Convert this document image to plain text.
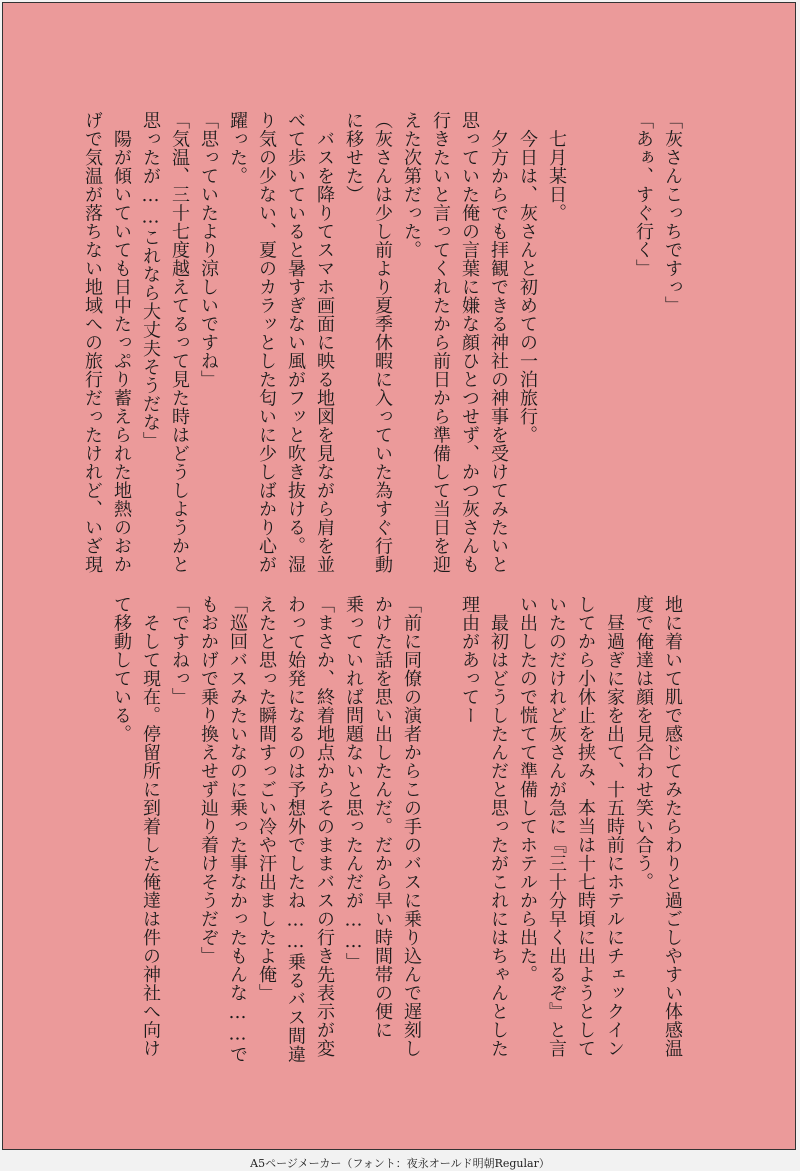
「灰さんこっちですっ」
「あぁ、すぐ行く」

　七月某日。
　今日は、灰さんと初めての一泊旅行。
　夕方からでも拝観できる神社の神事を受けてみたいと
思っていた俺の言葉に嫌な顔ひとつせず、かつ灰さんも
行きたいと言ってくれたから前日から準備して当日を迎
えた次第だった。
（灰さんは少し前より夏季休暇に入っていた為すぐ行動
に移せた）
　バスを降りてスマホ画面に映る地図を見ながら肩を並
べて歩いていると暑すぎない風がフッと吹き抜ける。湿
り気の少ない、夏のカラッとした匂いに少しばかり心が
躍った。
「思っていたより涼しいですね」
「気温、三十七度越えてるって見た時はどうしようかと
思ったが……これなら大丈夫そうだな」
　陽が傾いていても日中たっぷり蓄えられた地熱のおか
げで気温が落ちない地域への旅行だったけれど、いざ現
地に着いて肌で感じてみたらわりと過ごしやすい体感温
度で俺達は顔を見合わせ笑い合う。
　昼過ぎに家を出て、十五時前にホテルにチェックイン
してから小休止を挟み、本当は十七時頃に出ようとして
いたのだけれど灰さんが急に『三十分早く出るぞ』と言
い出したので慌てて準備してホテルから出た。
　最初はどうしたんだと思ったがこれにはちゃんとした
理由があってー

「前に同僚の演者からこの手のバスに乗り込んで遅刻し
かけた話を思い出したんだ。だから早い時間帯の便に
乗っていれば問題ないと思ったんだが……」
「まさか、終着地点からそのままバスの行き先表示が変
わって始発になるのは予想外でしたね……乗るバス間違
えたと思った瞬間すっごい冷や汗出ましたよ俺」
「巡回バスみたいなのに乗った事なかったもんな……で
もおかげで乗り換えせず辿り着けそうだぞ」
「ですねっ」
　そして現在。停留所に到着した俺達は件の神社へ向け
て移動している。
A5ページメーカー（フォント：夜永オールド明朝Regular）
